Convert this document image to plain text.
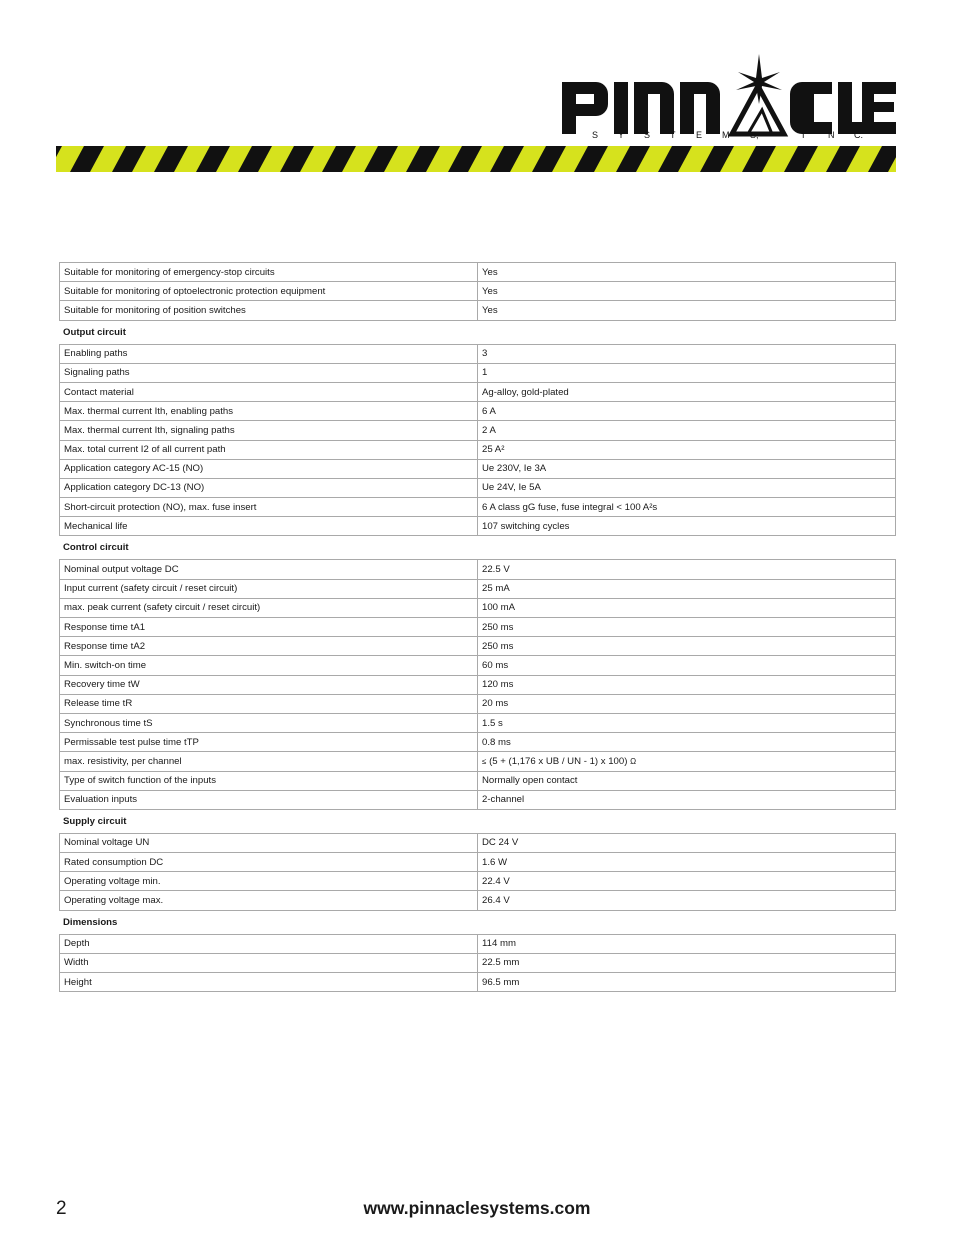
S Y S T E M S,	I	N C.
Suitable for monitoring of emergency-stop circuits	Yes
Suitable for monitoring of optoelectronic protection equipment	Yes
Suitable for monitoring of position switches	Yes
Output circuit
Enabling paths	3
Signaling paths	1
Contact material	Ag-alloy, gold-plated
Max. thermal current Ith, enabling paths	6 A
Max. thermal current Ith, signaling paths	2 A
Max. total current I2 of all current path	25 A²
Application category AC-15 (NO)	Ue 230V, Ie 3A
Application category DC-13 (NO)	Ue 24V, Ie 5A
Short-circuit protection (NO), max. fuse insert	6 A class gG fuse, fuse integral < 100 A²s
Mechanical life	107 switching cycles
Control circuit
Nominal output voltage DC	22.5 V
Input current (safety circuit / reset circuit)	25 mA
max. peak current (safety circuit / reset circuit)	100 mA
Response time tA1	250 ms
Response time tA2	250 ms
Min. switch-on time	60 ms
Recovery time tW	120 ms
Release time tR	20 ms
Synchronous time tS	1.5 s
Permissable test pulse time tTP	0.8 ms
max. resistivity, per channel	≤ (5 + (1,176 x UB / UN - 1) x 100) Ω
Type of switch function of the inputs	Normally open contact
Evaluation inputs	2-channel
Supply circuit
Nominal voltage UN	DC 24 V
Rated consumption DC	1.6 W
Operating voltage min.	22.4 V
Operating voltage max.	26.4 V
Dimensions
Depth	114 mm
Width	22.5 mm
Height	96.5 mm
2	www.pinnaclesystems.com
